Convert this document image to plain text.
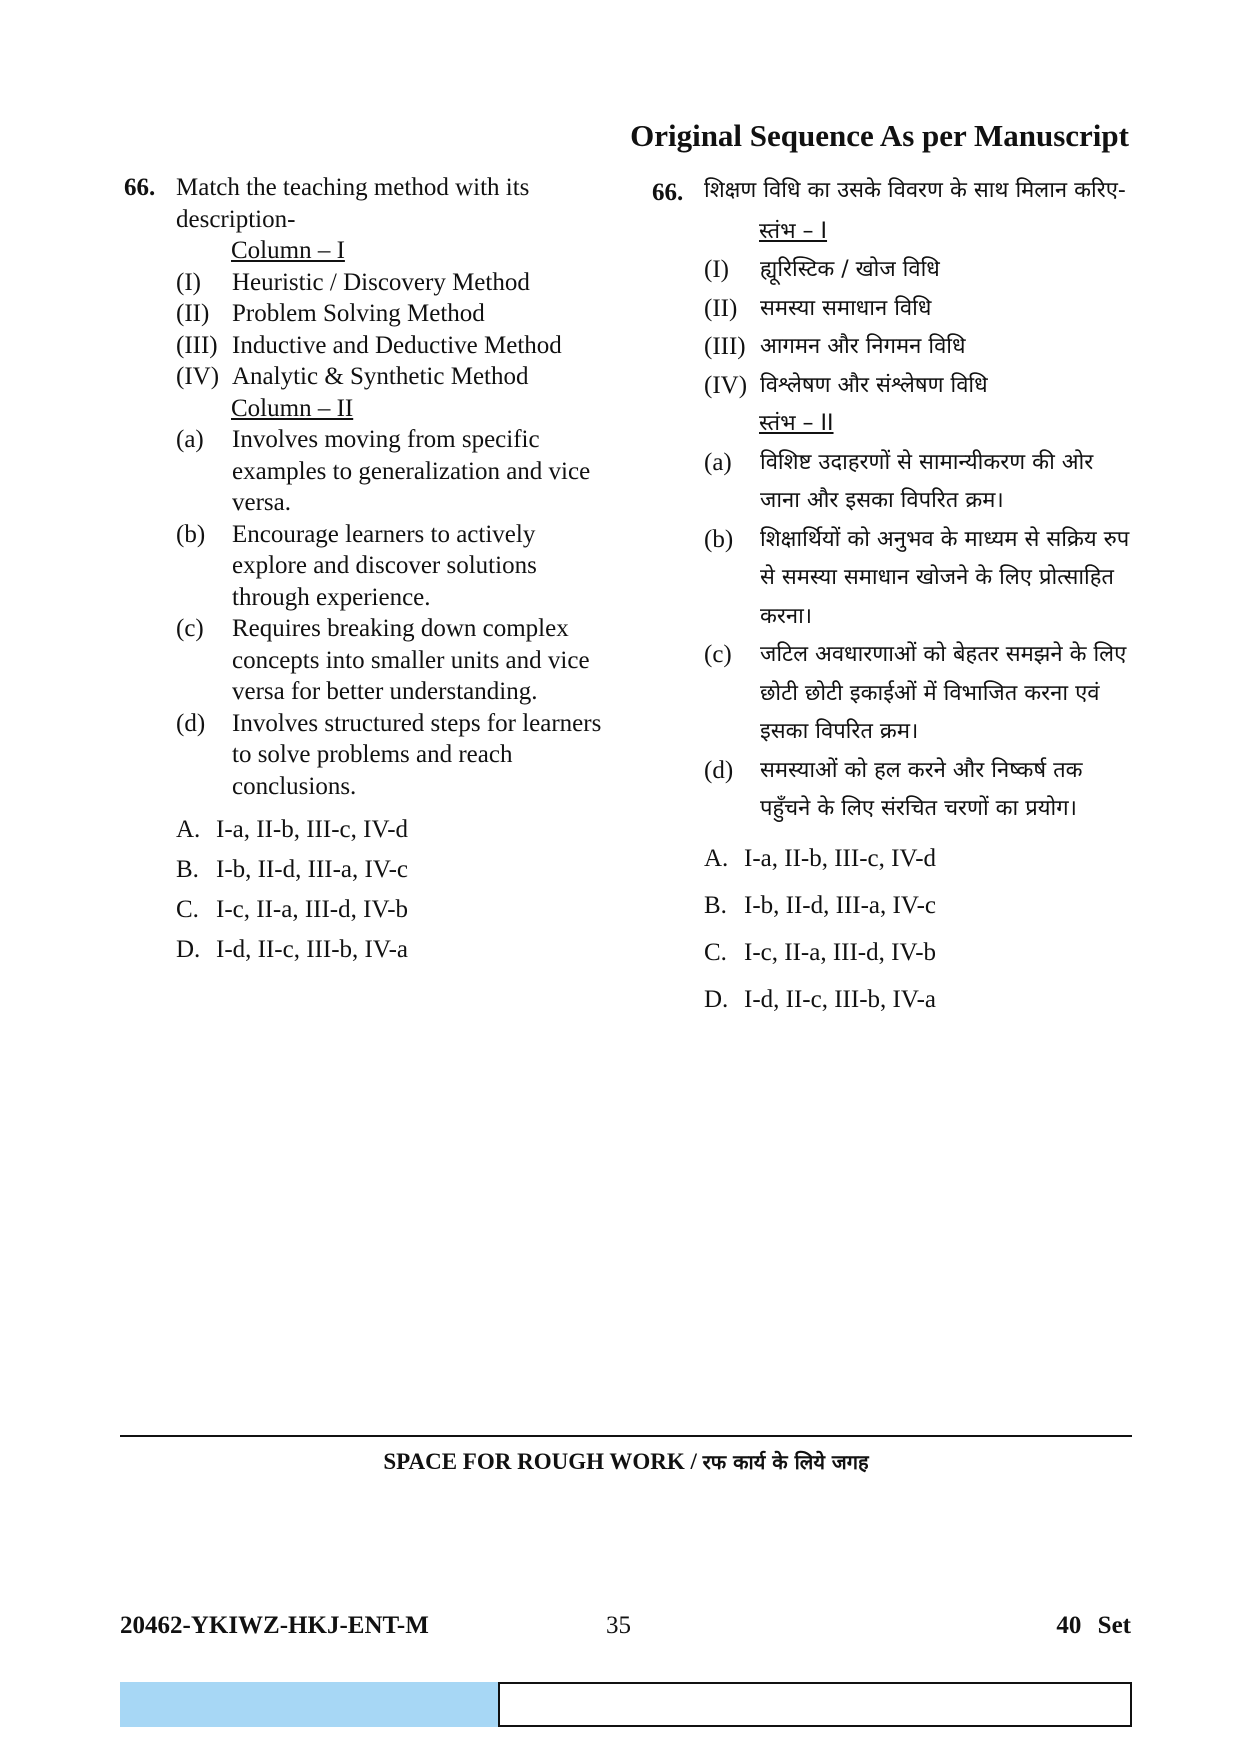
Original Sequence As per Manuscript
66. Match the teaching method with its description-
Column – I
(I)	Heuristic / Discovery Method
(II) Problem Solving Method
(III) Inductive and Deductive Method
(IV) Analytic & Synthetic Method
Column – II
(a)	Involves moving from specific examples to generalization and vice versa.
(b)	Encourage learners to actively explore and discover solutions through experience.
(c)	Requires breaking down complex concepts into smaller units and vice versa for better understanding.
(d)	Involves structured steps for learners to solve problems and reach conclusions.
A. I-a, II-b, III-c, IV-d
B. I-b, II-d, III-a, IV-c
C. I-c, II-a, III-d, IV-b
D. I-d, II-c, III-b, IV-a
66. शिक्षण विधि का उसके विवरण के साथ मिलान करिए-
स्तंभ – I
(I)	ह्यूरिस्टिक / खोज विधि
(II)	समस्या समाधान विधि
(III) आगमन और निगमन विधि
(IV) विश्लेषण और संश्लेषण विधि
स्तंभ – II
(a)	विशिष्ट उदाहरणों से सामान्यीकरण की ओर जाना और इसका विपरित क्रम।
(b)	शिक्षार्थियों को अनुभव के माध्यम से सक्रिय रुप से समस्या समाधान खोजने के लिए प्रोत्साहित करना।
(c)	जटिल अवधारणाओं को बेहतर समझने के लिए छोटी छोटी इकाईओं में विभाजित करना एवं इसका विपरित क्रम।
(d)	समस्याओं को हल करने और निष्कर्ष तक पहुँचने के लिए संरचित चरणों का प्रयोग।
A. I-a, II-b, III-c, IV-d
B. I-b, II-d, III-a, IV-c
C. I-c, II-a, III-d, IV-b
D. I-d, II-c, III-b, IV-a
SPACE FOR ROUGH WORK / रफ कार्य के लिये जगह
20462-YKIWZ-HKJ-ENT-M	35	40 Set
